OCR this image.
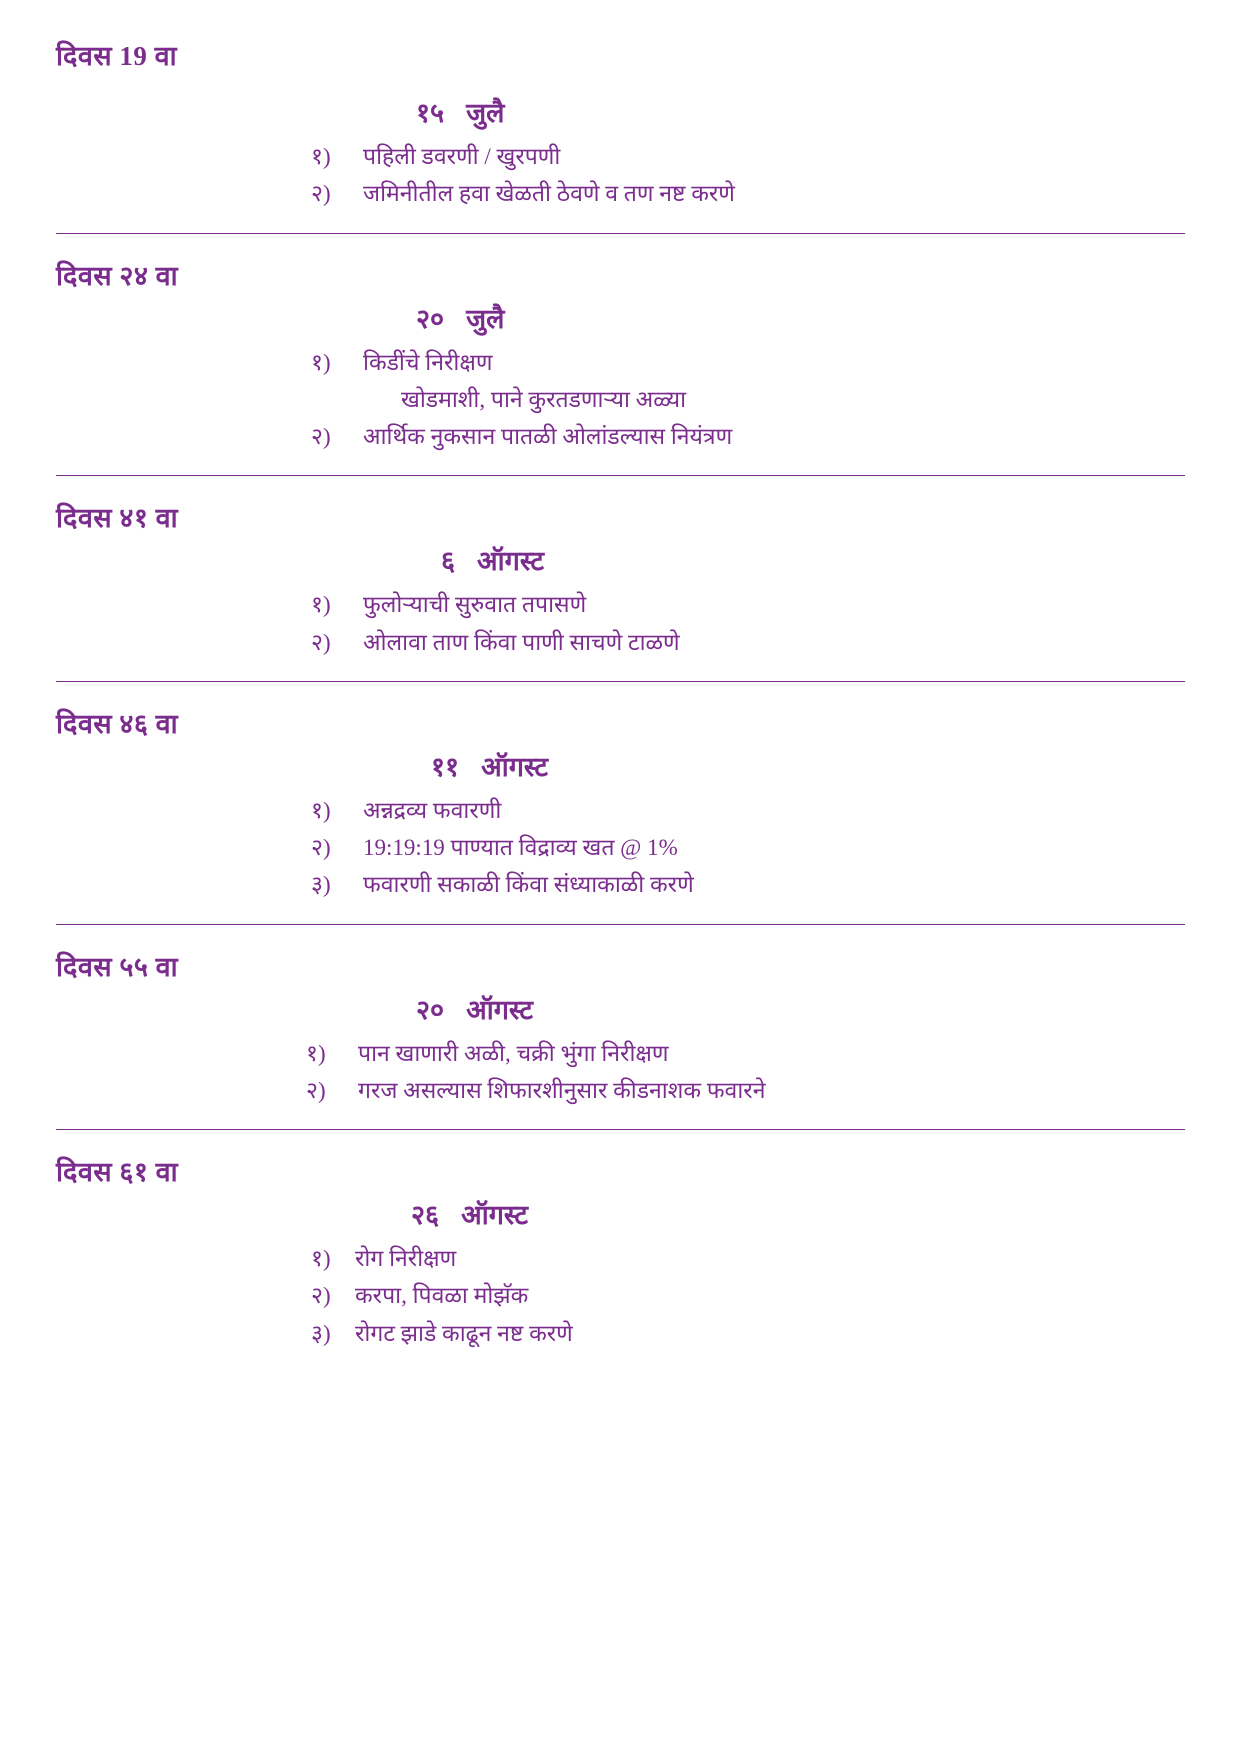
दिवस 19 वा
१५ जुलै
१)	पहिली डवरणी / खुरपणी
२)	जमिनीतील हवा खेळती ठेवणे व तण नष्ट करणे
दिवस २४ वा
२० जुलै
१)	किडींचे निरीक्षण
खोडमाशी, पाने कुरतडणाऱ्या अळ्या
२)	आर्थिक नुकसान पातळी ओलांडल्यास नियंत्रण
दिवस ४१ वा
६ ऑगस्ट
१)	फुलोऱ्याची सुरुवात तपासणे
२)	ओलावा ताण किंवा पाणी साचणे टाळणे
दिवस ४६ वा
११ ऑगस्ट
१)	अन्नद्रव्य फवारणी
२)	19:19:19 पाण्यात विद्राव्य खत @ 1%
३)	फवारणी सकाळी किंवा संध्याकाळी करणे
दिवस ५५ वा
२० ऑगस्ट
१)	पान खाणारी अळी, चक्री भुंगा निरीक्षण
२)	गरज असल्यास शिफारशीनुसार कीडनाशक फवारने
दिवस ६१ वा
२६ ऑगस्ट
१)	रोग निरीक्षण
२)	करपा, पिवळा मोझॅक
३)	रोगट झाडे काढून नष्ट करणे
